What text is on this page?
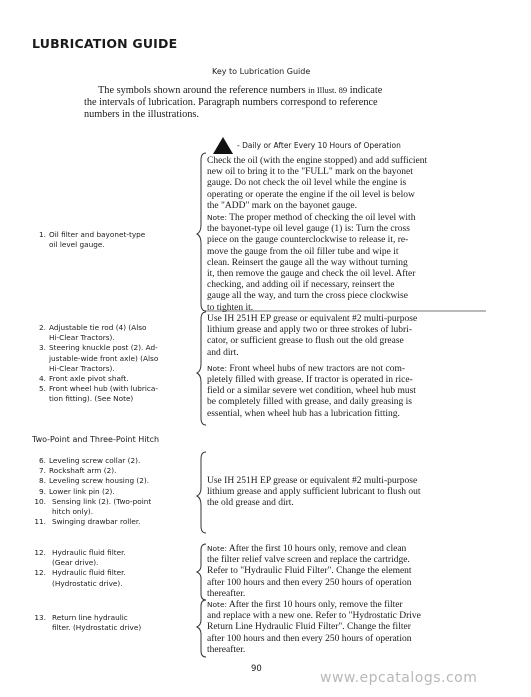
LUBRICATION GUIDE
Key to Lubrication Guide
The symbols shown around the reference numbers in Illust. 89 indicate
the intervals of lubrication. Paragraph numbers correspond to reference
numbers in the illustrations.
- Daily or After Every 10 Hours of Operation
1. Oil filter and bayonet-type
oil level gauge.
2. Adjustable tie rod (4) (Also
Hi-Clear Tractors).
3. Steering knuckle post (2). Ad-
justable-wide front axle) (Also
Hi-Clear Tractors).
4. Front axle pivot shaft.
5. Front wheel hub (with lubrica-
tion fitting). (See Note)
Two-Point and Three-Point Hitch
6. Leveling screw collar (2).
7. Rockshaft arm (2).
8. Leveling screw housing (2).
9. Lower link pin (2).
10. Sensing link (2). (Two-point
hitch only).
11. Swinging drawbar roller.
12. Hydraulic fluid filter.
(Gear drive).
12. Hydraulic fluid filter.
(Hydrostatic drive).
13. Return line hydraulic
filter. (Hydrostatic drive)
Check the oil (with the engine stopped) and add sufficient
new oil to bring it to the "FULL" mark on the bayonet
gauge. Do not check the oil level while the engine is
operating or operate the engine if the oil level is below
the "ADD" mark on the bayonet gauge.
Note: The proper method of checking the oil level with
the bayonet-type oil level gauge (1) is: Turn the cross
piece on the gauge counterclockwise to release it, re-
move the gauge from the oil filler tube and wipe it
clean. Reinsert the gauge all the way without turning
it, then remove the gauge and check the oil level. After
checking, and adding oil if necessary, reinsert the
gauge all the way, and turn the cross piece clockwise
to tighten it.
Use IH 251H EP grease or equivalent #2 multi-purpose
lithium grease and apply two or three strokes of lubri-
cator, or sufficient grease to flush out the old grease
and dirt.
Note: Front wheel hubs of new tractors are not com-
pletely filled with grease. If tractor is operated in rice-
field or a similar severe wet condition, wheel hub must
be completely filled with grease, and daily greasing is
essential, when wheel hub has a lubrication fitting.
Use IH 251H EP grease or equivalent #2 multi-purpose
lithium grease and apply sufficient lubricant to flush out
the old grease and dirt.
Note: After the first 10 hours only, remove and clean
the filter relief valve screen and replace the cartridge.
Refer to "Hydraulic Fluid Filter". Change the element
after 100 hours and then every 250 hours of operation
thereafter.
Note: After the first 10 hours only, remove the filter
and replace with a new one. Refer to "Hydrostatic Drive
Return Line Hydraulic Fluid Filter". Change the filter
after 100 hours and then every 250 hours of operation
thereafter.
90
www.epcatalogs.com
